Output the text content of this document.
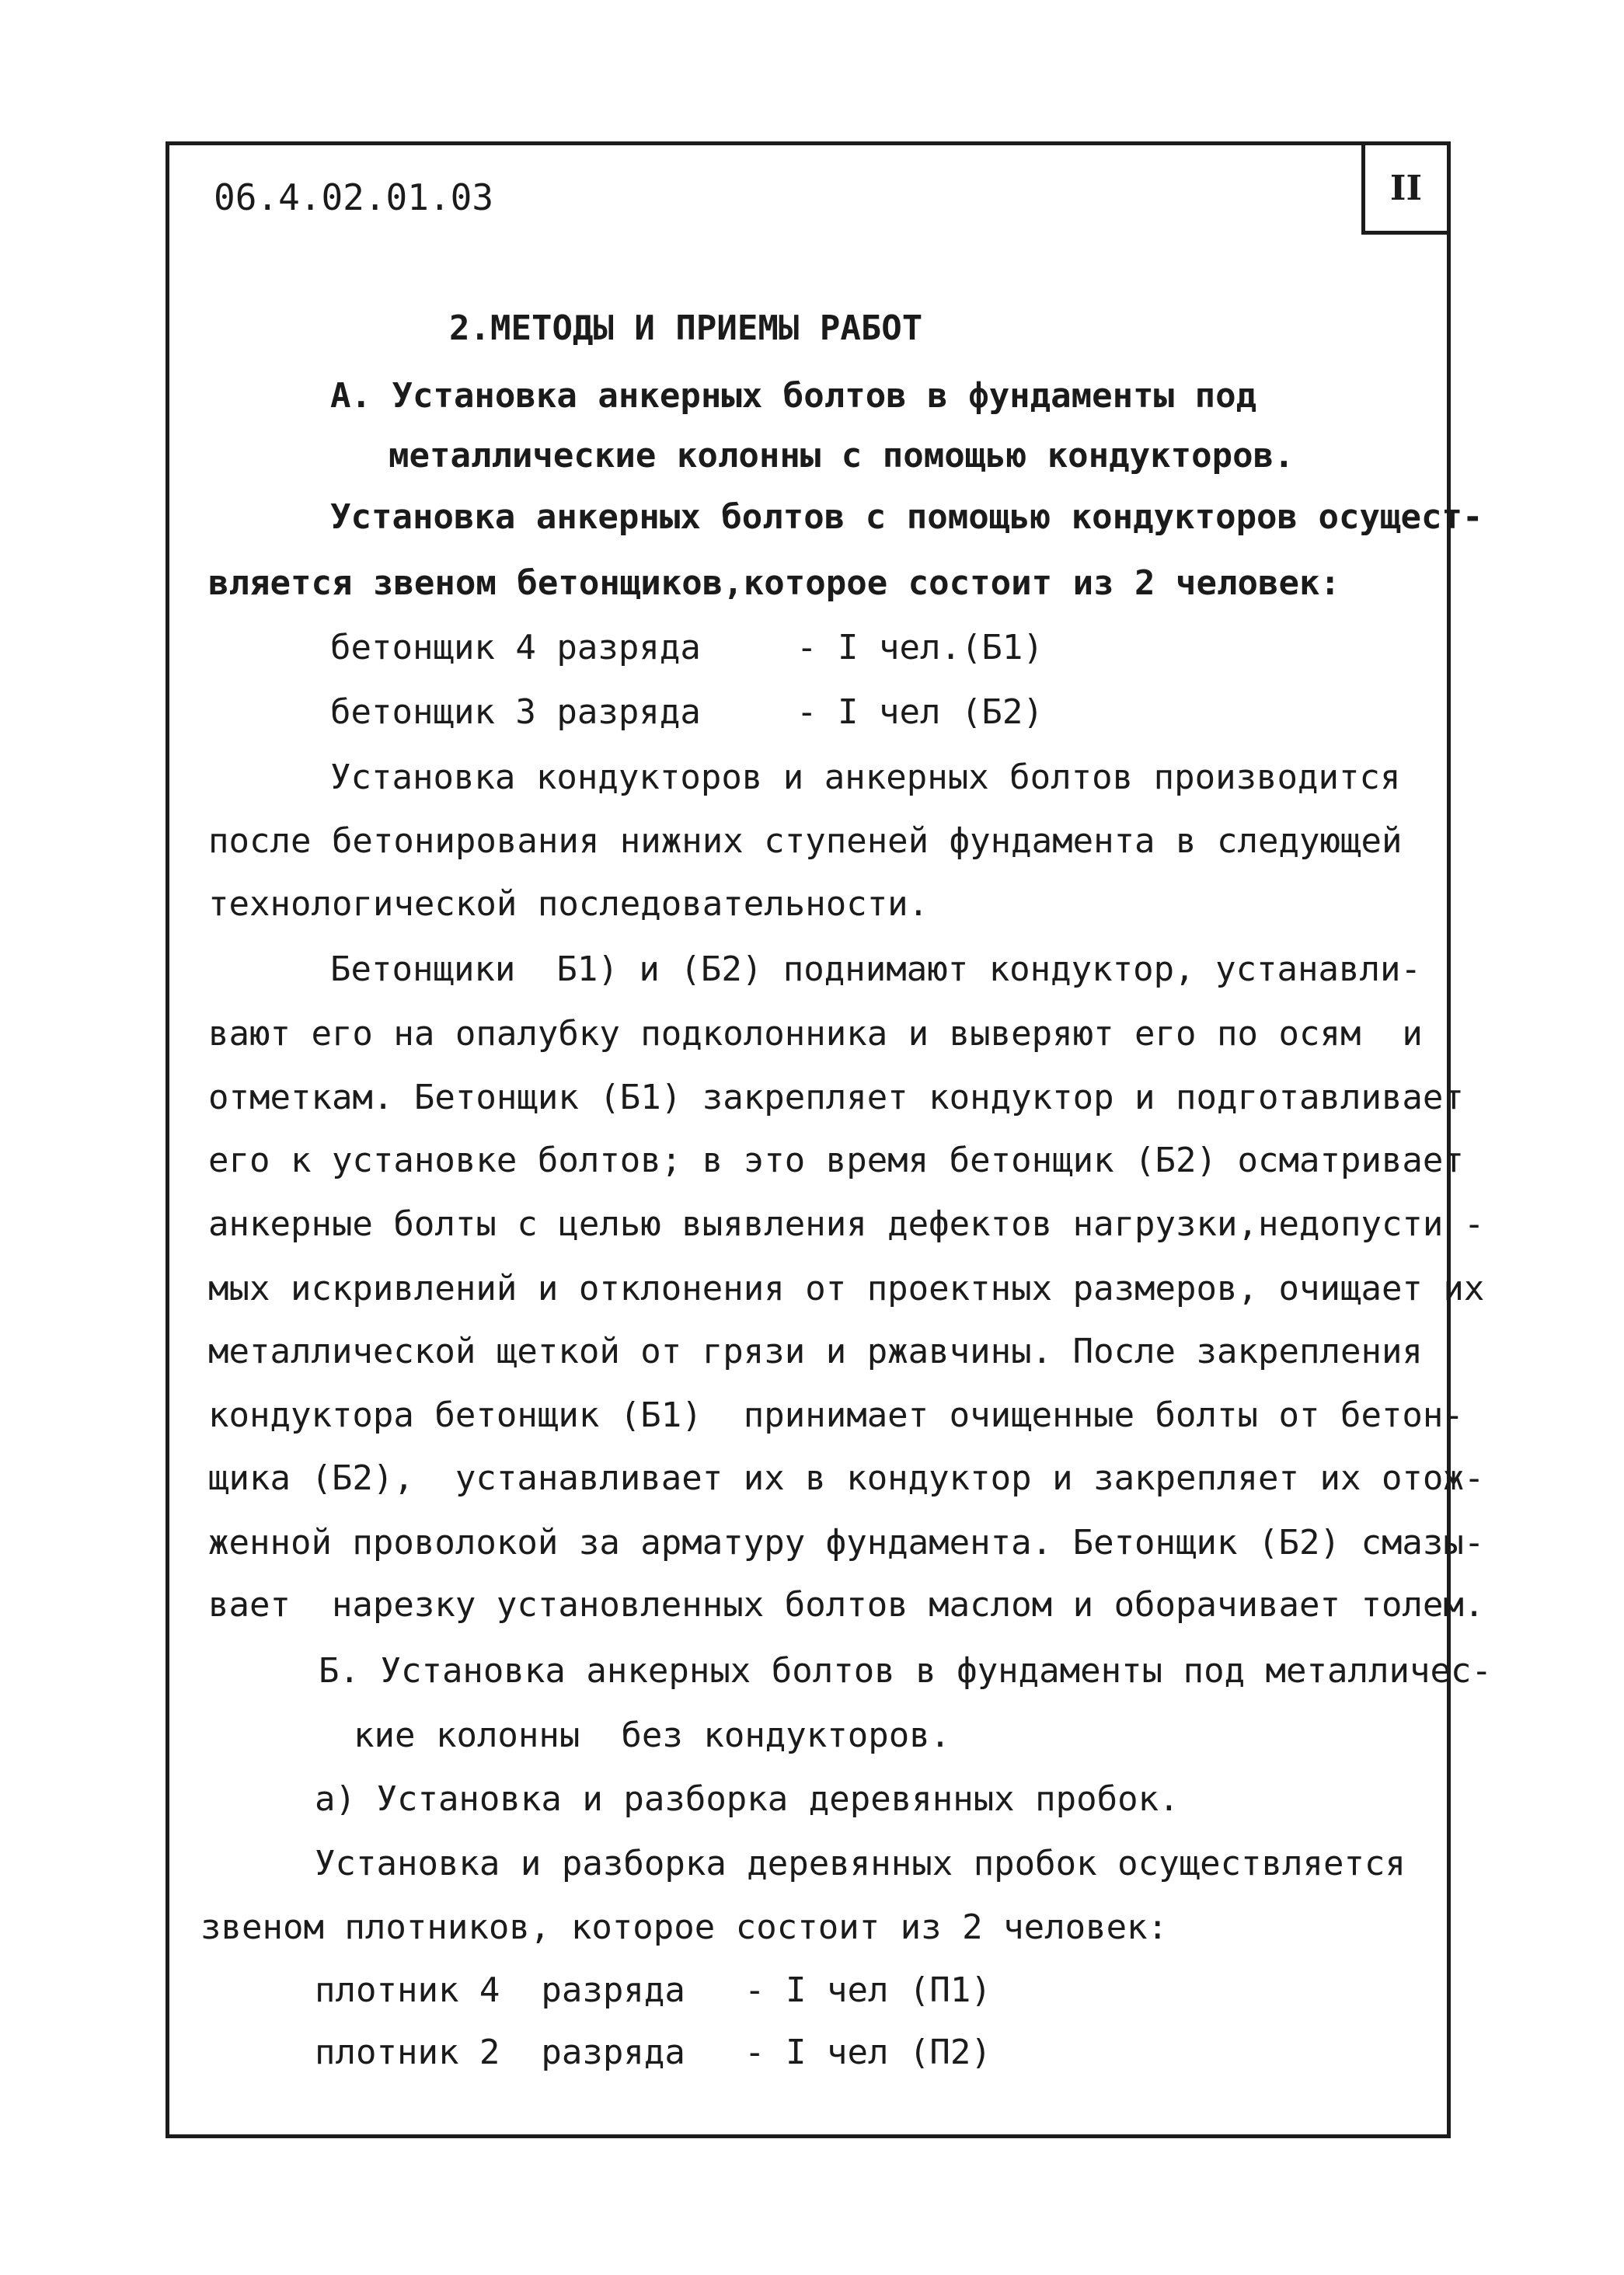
II
06.4.02.01.03
2.МЕТОДЫ И ПРИЕМЫ РАБОТ
А. Установка анкерных болтов в фундаменты под
металлические колонны с помощью кондукторов.
Установка анкерных болтов с помощью кондукторов осущест-
вляется звеном бетонщиков,которое состоит из 2 человек:
бетонщик 4 разряда	- I чел.(Б1)
бетонщик 3 разряда	- I чел (Б2)
Установка кондукторов и анкерных болтов производится
после бетонирования нижних ступеней фундамента в следующей
технологической последовательности.
Бетонщики  Б1) и (Б2) поднимают кондуктор, устанавли-
вают его на опалубку подколонника и выверяют его по осям  и
отметкам. Бетонщик (Б1) закрепляет кондуктор и подготавливает
его к установке болтов; в это время бетонщик (Б2) осматривает
анкерные болты с целью выявления дефектов нагрузки,недопусти -
мых искривлений и отклонения от проектных размеров, очищает их
металлической щеткой от грязи и ржавчины. После закрепления
кондуктора бетонщик (Б1)  принимает очищенные болты от бетон-
щика (Б2),  устанавливает их в кондуктор и закрепляет их отож-
женной проволокой за арматуру фундамента. Бетонщик (Б2) смазы-
вает  нарезку установленных болтов маслом и оборачивает толем.
Б. Установка анкерных болтов в фундаменты под металличес-
кие колонны  без кондукторов.
а) Установка и разборка деревянных пробок.
Установка и разборка деревянных пробок осуществляется
звеном плотников, которое состоит из 2 человек:
плотник 4  разряда - I чел (П1)
плотник 2  разряда - I чел (П2)
